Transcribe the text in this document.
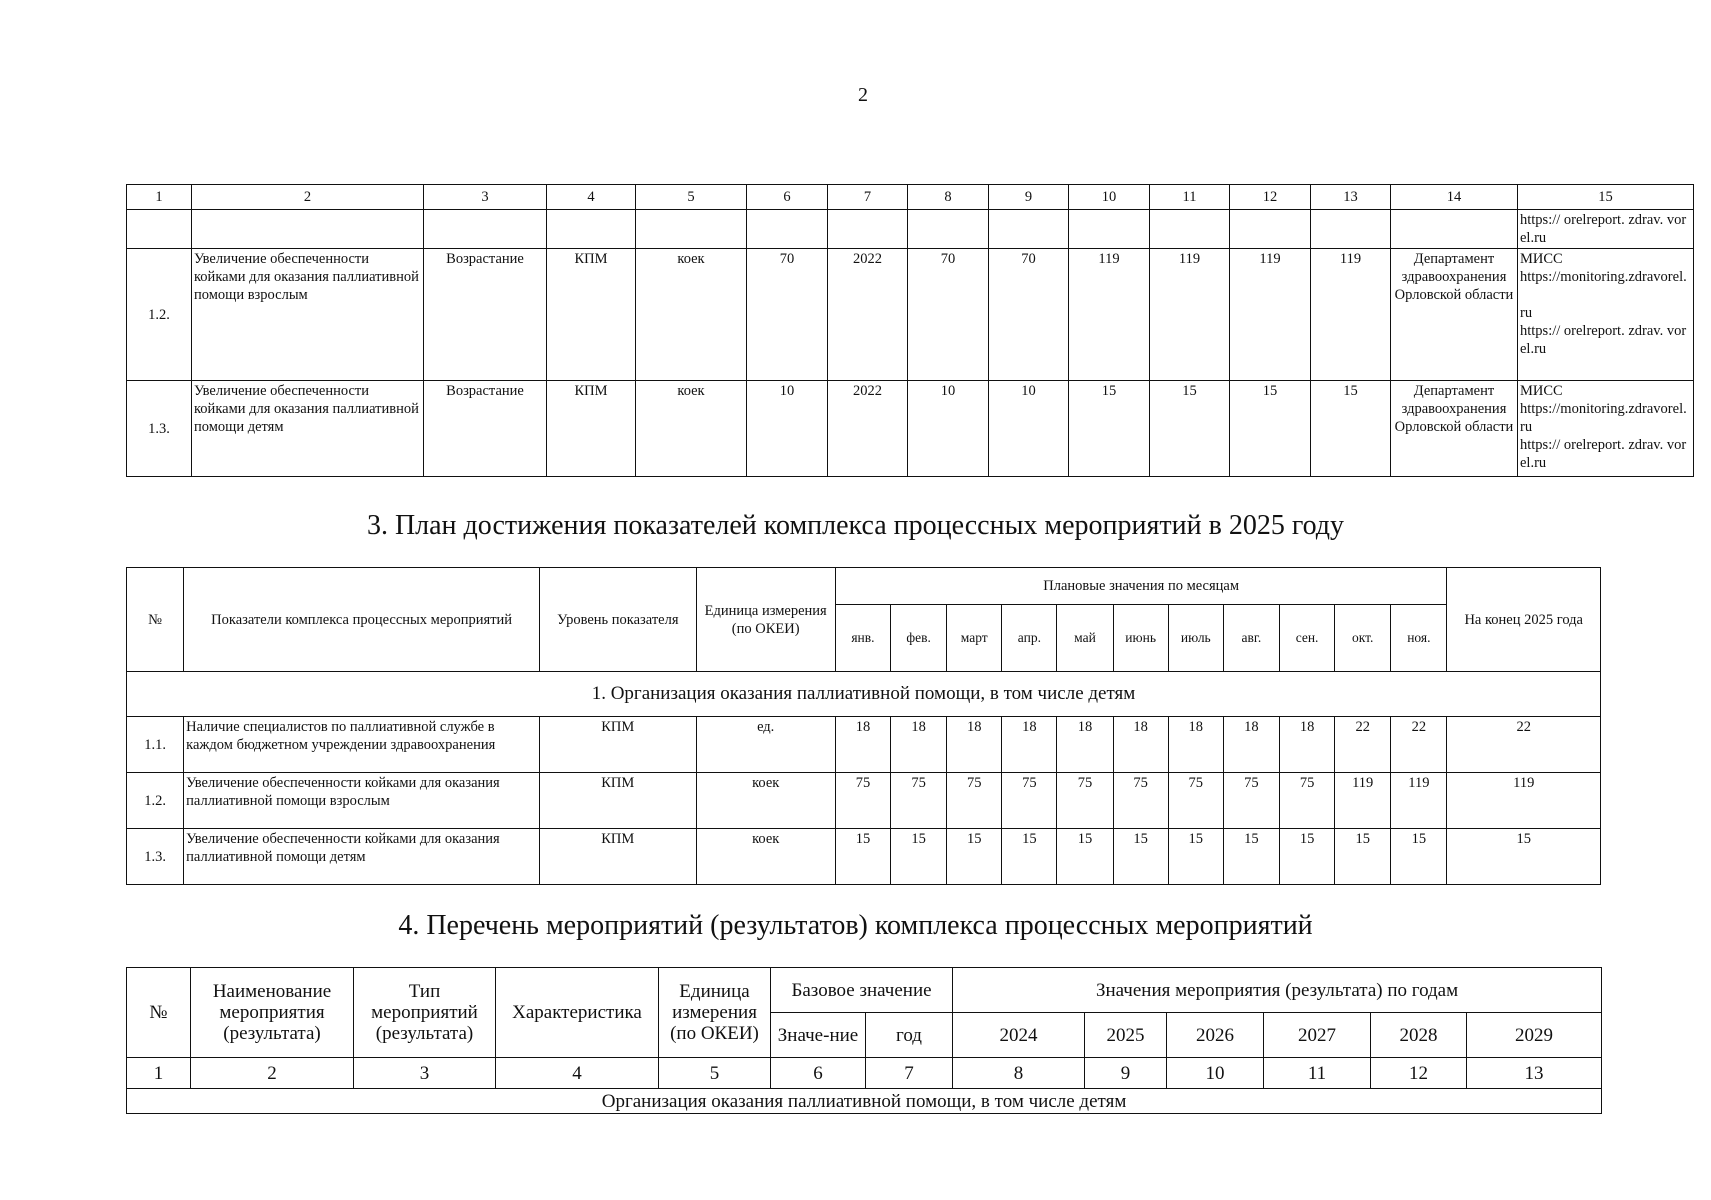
2
1	2	3	4	5	6	7	8	9	10	11	12	13	14	15
														https:// orelreport. zdrav. vorel.ru
1.2.	Увеличение обеспеченности койками для оказания паллиативной помощи взрослым	Возрастание	КПМ	коек	70	2022	70	70	119	119	119	119	Департамент здравоохранения Орловской области	МИСС
https://monitoring.zdravorel.
ru
https:// orelreport. zdrav. vorel.ru

1.3.	Увеличение обеспеченности койками для оказания паллиативной помощи детям	Возрастание	КПМ	коек	10	2022	10	10	15	15	15	15	Департамент здравоохранения Орловской области	МИСС
https://monitoring.zdravorel.ru
https:// orelreport. zdrav. vorel.ru
3. План достижения показателей комплекса процессных мероприятий в 2025 году
№	Показатели комплекса процессных мероприятий	Уровень показателя	Единица измерения (по ОКЕИ)	Плановые значения по месяцам											На конец 2025 года
				янв.	фев.	март	апр.	май	июнь	июль	авг.	сен.	окт.	ноя.	
1. Организация оказания паллиативной помощи, в том числе детям															
1.1.	Наличие специалистов по паллиативной службе в каждом бюджетном учреждении здравоохранения	КПМ	ед.	18	18	18	18	18	18	18	18	18	22	22	22
1.2.	Увеличение обеспеченности койками для оказания паллиативной помощи взрослым	КПМ	коек	75	75	75	75	75	75	75	75	75	119	119	119
1.3.	Увеличение обеспеченности койками для оказания паллиативной помощи детям	КПМ	коек	15	15	15	15	15	15	15	15	15	15	15	15
4. Перечень мероприятий (результатов) комплекса процессных мероприятий
№	Наименование мероприятия (результата)	Тип мероприятий (результата)	Характеристика	Единица измерения (по ОКЕИ)	Базовое значение		Значения мероприятия (результата) по годам					
					Значе-ние	год	2024	2025	2026	2027	2028	2029
1	2	3	4	5	6	7	8	9	10	11	12	13
Организация оказания паллиативной помощи, в том числе детям												
